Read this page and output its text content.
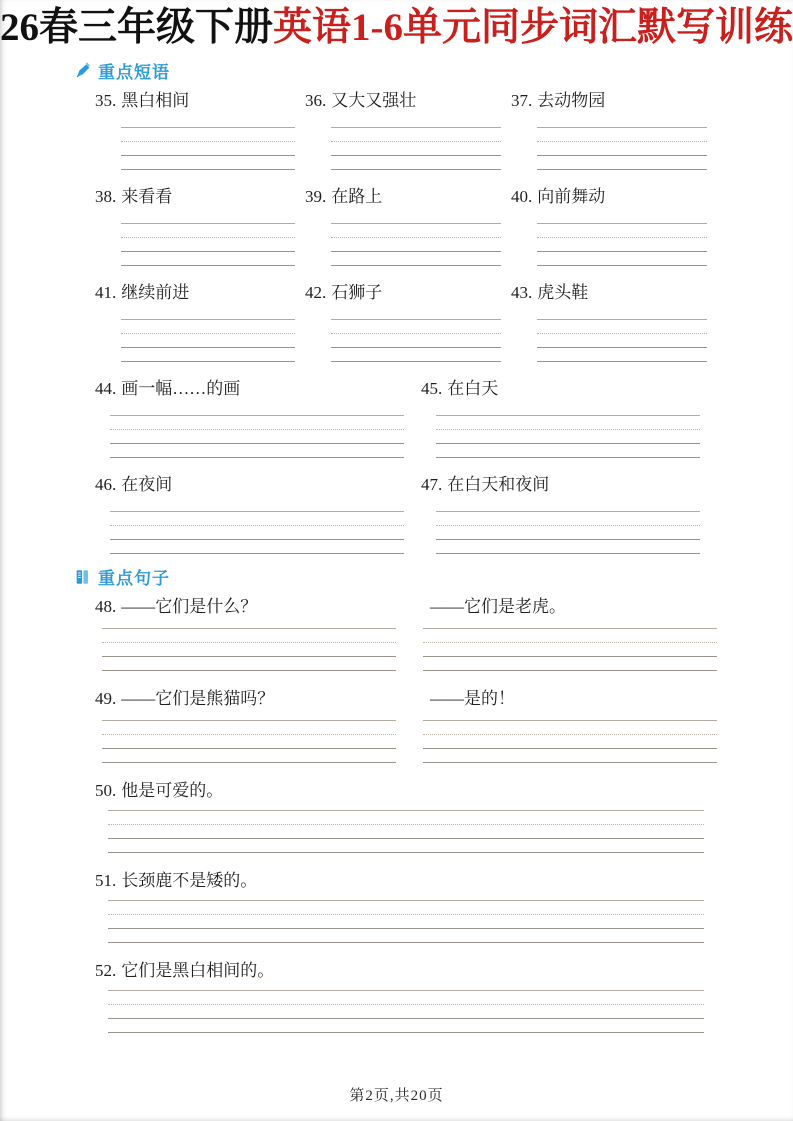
26春三年级下册英语1-6单元同步词汇默写训练
重点短语
35. 黑白相间	36. 又大又强壮	37. 去动物园
38. 来看看	39. 在路上	40. 向前舞动
41. 继续前进	42. 石狮子	43. 虎头鞋
44. 画一幅……的画	45. 在白天
46. 在夜间	47. 在白天和夜间
重点句子
48. ——它们是什么？	——它们是老虎。
49. ——它们是熊猫吗？	——是的！
50. 他是可爱的。
51. 长颈鹿不是矮的。
52. 它们是黑白相间的。
第2页,共20页
